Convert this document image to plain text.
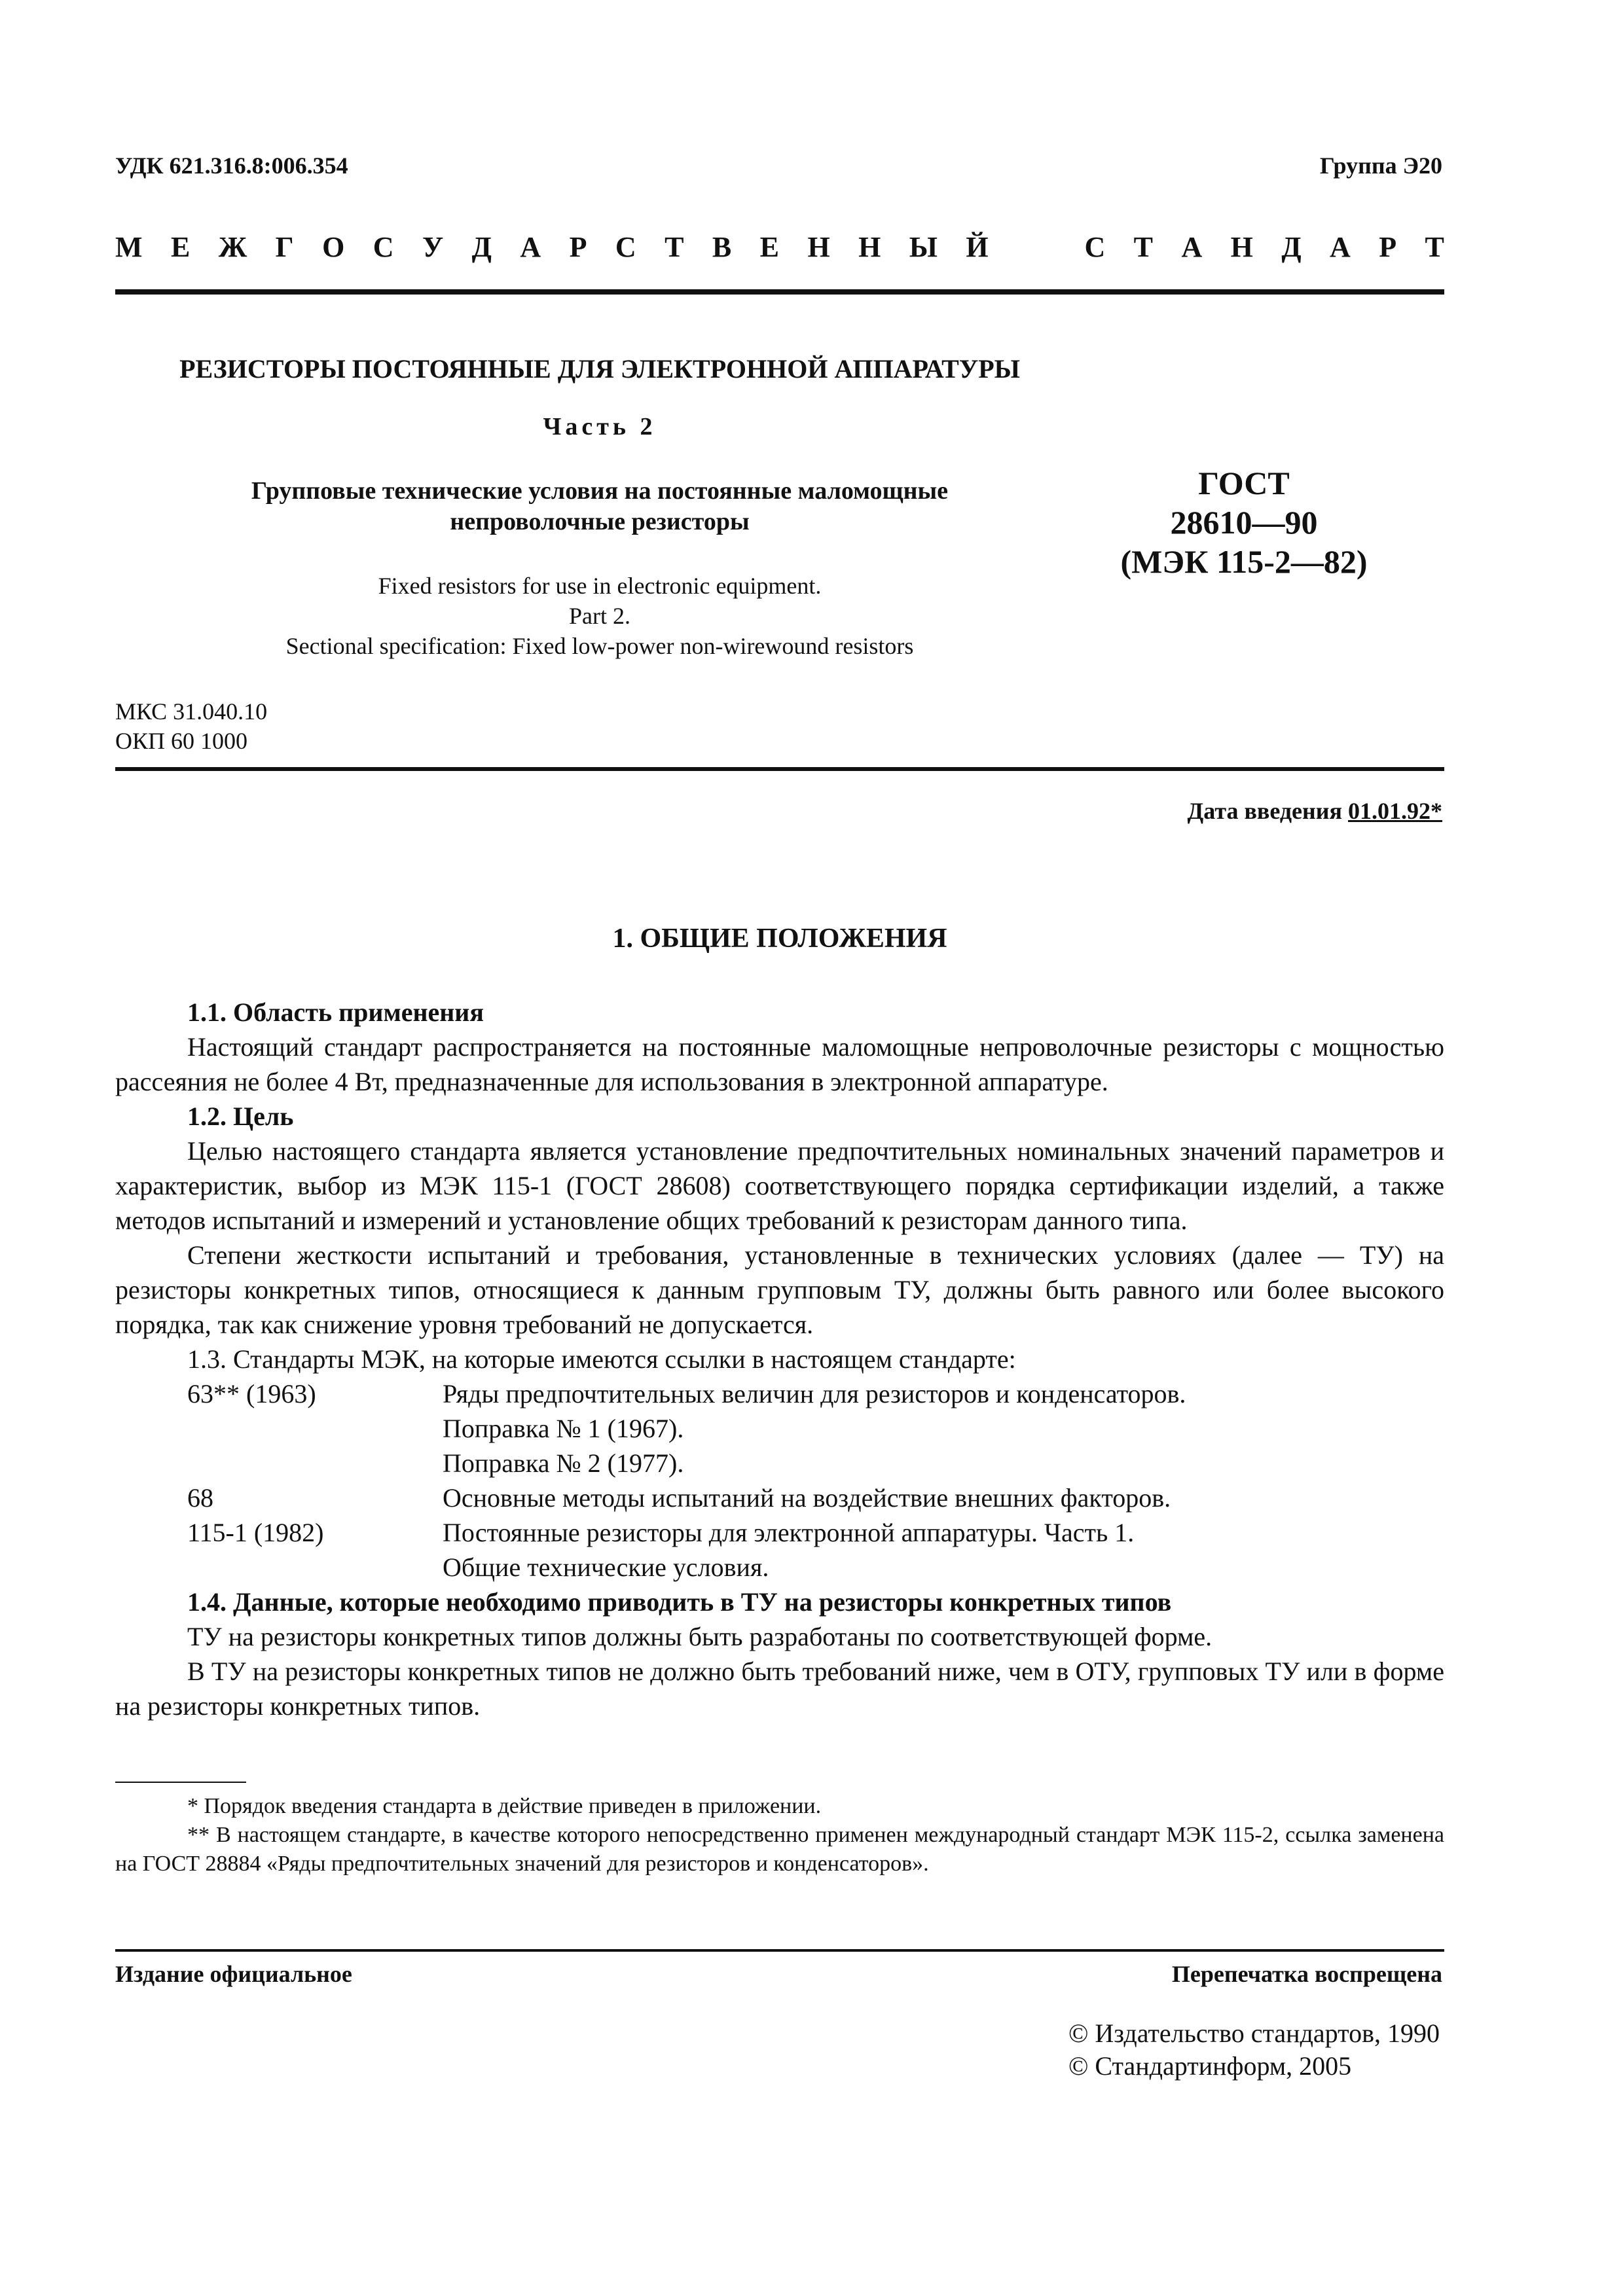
УДК 621.316.8:006.354	Группа Э20
М Е Ж Г О С У Д А Р С Т В Е Н Н Ы Й	С Т А Н Д А Р Т
РЕЗИСТОРЫ ПОСТОЯННЫЕ ДЛЯ ЭЛЕКТРОННОЙ АППАРАТУРЫ
Часть 2
Групповые технические условия на постоянные маломощные
непроволочные резисторы
ГОСТ
28610—90
(МЭК 115-2—82)
Fixed resistors for use in electronic equipment.
Part 2.
Sectional specification: Fixed low-power non-wirewound resistors
МКС 31.040.10
ОКП 60 1000
Дата введения 01.01.92*
1. ОБЩИЕ ПОЛОЖЕНИЯ

1.1. Область применения

Настоящий стандарт распространяется на постоянные маломощные непроволочные резисторы с мощностью рассеяния не более 4 Вт, предназначенные для использования в электронной аппаратуре.

1.2. Цель

Целью настоящего стандарта является установление предпочтительных номинальных значений параметров и характеристик, выбор из МЭК 115-1 (ГОСТ 28608) соответствующего порядка сертификации изделий, а также методов испытаний и измерений и установление общих требований к резисторам данного типа.

Степени жесткости испытаний и требования, установленные в технических условиях (далее — ТУ) на резисторы конкретных типов, относящиеся к данным групповым ТУ, должны быть равного или более высокого порядка, так как снижение уровня требований не допускается.

1.3. Стандарты МЭК, на которые имеются ссылки в настоящем стандарте:

63** (1963)	Ряды предпочтительных величин для резисторов и конденсаторов.
Поправка № 1 (1967).
Поправка № 2 (1977).
68	Основные методы испытаний на воздействие внешних факторов.
115-1 (1982)	Постоянные резисторы для электронной аппаратуры. Часть 1.
Общие технические условия.

1.4. Данные, которые необходимо приводить в ТУ на резисторы конкретных типов

ТУ на резисторы конкретных типов должны быть разработаны по соответствующей форме.

В ТУ на резисторы конкретных типов не должно быть требований ниже, чем в ОТУ, групповых ТУ или в форме на резисторы конкретных типов.

* Порядок введения стандарта в действие приведен в приложении.

** В настоящем стандарте, в качестве которого непосредственно применен международный стандарт МЭК 115-2, ссылка заменена на ГОСТ 28884 «Ряды предпочтительных значений для резисторов и конденсаторов».

Издание официальное	Перепечатка воспрещена
© Издательство стандартов, 1990
© Стандартинформ, 2005
